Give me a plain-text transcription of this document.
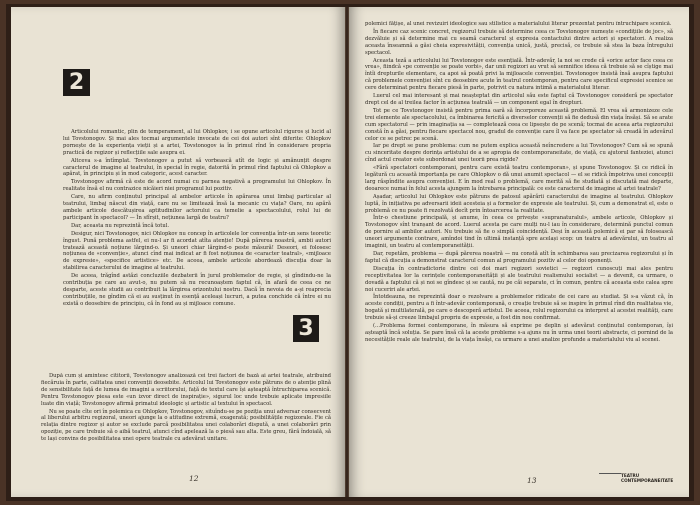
2

Articolului romantic, plin de temperament, al lui Ohlopkov, i se opune articolul riguros și lucid al lui Tovstonogov. Și mai ales tocmai argumentele invocate de cei doi autori sînt diferite: Ohlopkov pornește de la experiența vieții și a artei, Tovstonogov ia în primul rînd în considerare propria practică de regizor și reflecțiile sale asupra ei.

Altceva s-a întîmplat. Tovstonogov a putut să vorbească atît de logic și amănunțit despre caracterul de imagine al teatrului, în special în regie, datorită în primul rînd faptului că Ohlopkov a apărat, în principiu și în mod categoric, acest caracter.

Tovstonogov afirmă că este de acord numai cu parnea negativă a programului lui Ohlopkov. În realitate însă el nu contrazice nicăieri niei programul lui pozitiv.

Care, nu afirm conținutul principal al ambelor articole în apărarea unui limbaj particular al teatrului, limbaj născut din viață, care nu se limitează însă la mecanic cu viața? Oare, nu apără ambele articole descătușirea aptitudinilor actorului ca temelie a spectacolului, rolul lui de participant în spectacol? — În sfîrșit, nețiunea largă de teatru?

Dar, aceasta nu reprezintă încă totul.

Desigur, nici Tovstonogov, nici Ohlopkov nu concep în articolele lor convenția într-un sens teoretic îngust. Pună problema astfel, ei nu-l ar fi acordat atîta atenție! După părerea noastră, ambii autori tratează această noțiune lărgind-o. Și uneori chiar lărgind-o peste măsură! Deseori, ei folosesc noțiunea de «convenție», atunci cînd mai indicat ar fi fost noțiunea de «caracter teatral», «mijloace de expresie», «specifice artistice» etc. De aceea, ambele articole abordează discuția doar la stabilirea caracterului de imagine al teatrului.

De aceea, trăgînd astăzi concluziile dezbaterii în jurul problemelor de regie, și gîndindu-ne la contribuția pe care au avut-o, nu putem să nu recunoaștem faptul că, în afară de ceea ce ne desparte, aceste studii au contribuit la lărgirea orizontului nostru. Dacă în nevoia de a-și reaprecia contribuțiile, ne gîndim că ei au susținut în esență aceleași lucruri, a putea conchide că între ei nu există o deosebire de principiu, că în fond au și mijloace comune.

3

După cum și amintesc cititorii, Tovstonogov analizează cei trei factori de bază ai artei teatrale, atribuind fiecăruia în parte, calitatea unei convenții deosebite. Articolul lui Tovstonogov este pătruns de o atenție plină de sensibilitate față de lumea de imagini a scriitorului, față de textul care își așteaptă întruchiparea scenică. Pentru Tovstonogov piesa este «un izvor direct de inspirație», sigurul loc unde trebuie aplicate impresiile luate din viață; Tovstonogov afirmă primatul ideologic și artistic al textului în spectacol.

Nu se poate cîte ori în polemica cu Ohlopkov, Tovstonogov, situîndu-se pe poziția unui adversar consecvent al liberului arbitru regizoral, uneori ajunge la o atitudine extremă, exagerată; posibilitățile regizorale. Fie că relația dintre regizor și autor se exclude parcă posibilitatea unei colaborări dispută, a unei colaborări prin opoziție, pe care trebuie să o aibă teatrul, atunci cînd apelează la o piesă sau alta. Este greu, fără îndoială, să te lași convins de posibilitatea unei opere teatrale cu adevărat unitare.

12

polemici fățișe, al unei revizuiri ideologice sau stilistice a materialului literar prezentat pentru întruchipare scenică.

În fiecare caz scenic concret, regizorul trebuie să determine ceea ce Tovstonogov numește «condițiile de joc», să dezvăluie și să determine mai cu seamă caracterul și expresia contactului dintre actori și spectatori. A realiza aceasta înseamnă a găsi cheia expresivității, convenția unică, justă, precisă, ce trebuie să stea la baza întregului spectacol.

Aceasta teză a articolului lui Tovstonogov este esențială. Într-adevăr, la noi se crede că «orice actor face ceea ce vrea», fiindcă «pe convenție se poate vorbi», dar unii regizori au vrut să semnifice ideea că trebuie să se cîștige mai întîi drepturile elementare, ca apoi să poată privi la mijloacele convenției. Tovstonogov insistă însă asupra faptului că problemele convenției sînt cu deosebire acute în teatrul contemporan, pentru care specificul expresiei scenice se cere determinat pentru fiecare piesă în parte, potrivit cu natura intimă a materialului literar.

Luerul cel mai interesant și mai neașteptat din articolul său este faptul că Tovstonogov consideră pe spectator drept cel de al treilea factor în acțiunea teatrală — un component egal în drepturi.

Tot pe ce Tovstonogov insistă pentru prima oară să încorporeze această problemă. El vrea să armonizeze cele trei elemente ale spectacolului, ca îmbinarea fericită a diverselor convenții să fie dedusă din viața însăși. Să se arate cum spectatorul — prin imaginația sa — completează ceea ce lipsește de pe scenă; tocmai de aceea arta regizorului constă în a găsi, pentru fiecare spectacol nou, gradul de convenție care îl va face pe spectator să creadă în adevărul celor ce se petrec pe scenă.

Iar pe drept se pune problema: cum ne putem explica această neîncredere a lui Tovstonogov? Cum să se spună cu sinceritate despre dorința artistului de a se apropia de contemporaneitate, de viață, cu ajutorul fanteziei, atunci cînd actul creator este subordonat unei teorii prea rigide?

«Fără spectatori contemporani, pentru care există teatru contemporan», și spune Tovstonogov. Și ce ridică în legătură cu această importanța pe care Ohlopkov o dă unui anumit spectacol — el se ridică împotriva unei concepții larg răspîndite asupra convenției. E în mod real o problemă, care merită să fie studiată și discutată mai departe, deoarece numai în felul acesta ajungem la întrebarea principală: ce este caracterul de imagine al artei teatrale?

Așadar, articolul lui Ohlopkov este pătruns de patosul apărării caracterului de imagine al teatrului. Ohlopkov luptă, în inițiativa pe adversarii ideii acesteia și a formelor de expresie ale teatrului. Și, cum a demonstrat el, este o problemă ce nu poate fi rezolvată decît prin întoarcerea la realitate.

Într-o chestiune principală, și anume, în ceea ce privește «supranaturalul», ambele articole, Ohlopkov și Tovstonogov sînt tranșant de acord. Luerul acesta pe care mulți nu-l iau în considerare, determină punctul comun de pornire al ambilor autori. Nu trebuie să fie o simplă coincidență. Deși în această polemică ei par să folosească uneori argumente contrare, amîndoi tind în ultimă instanță spre același scop: un teatru al adevărului, un teatru al imaginii, un teatru al contemporaneității.

Dar, repetăm, problema — după părerea noastră — nu constă atît în schimbarea sau precizarea regizorului și în faptul că discuția a demonstrat caracterul comun al programului pozitiv al celor doi oponenți.

Discuția în contradictorie dintre cei doi mari regizori sovietici — regizori cunoscuți mai ales pentru receptivitatea lor la cerințele contemporaneității și ale teatrului realismului socialist — a devenit, ca urmare, o dovadă a faptului că și noi se gîndesc și se caută, nu pe căi separate, ci în comun, pentru că aceasta este calea spre noi cuceriri ale artei.

Întotdeauna, ne reprezintă doar o rezolvare a problemelor ridicate de cei care au studiat. Și s-a văzut că, în aceste condiții, pentru a fi într-adevăr contemporană, o creație trebuie să se inspire în primul rînd din realitatea vie, bogată și multilaterală, pe care o descoperă artistul. De aceea, rolul regizorului ca interpret al acestei realități, care trebuie să-și creeze limbajul propriu de expresie, a fost din nou confirmat.

(...Problema formei contemporane, în măsura să exprime pe deplin și adevărat conținutul contemporan, își așteaptă încă soluția. Se pare însă că la aceste probleme s-a ajuns nu în urma unei teorii abstracte, ci pornind de la necesitățile reale ale teatrului, de la viața însăși, ca urmare a unei analize profunde a materialului viu al scenei.

13
TEATRU
CONTEMPORANEITATE
